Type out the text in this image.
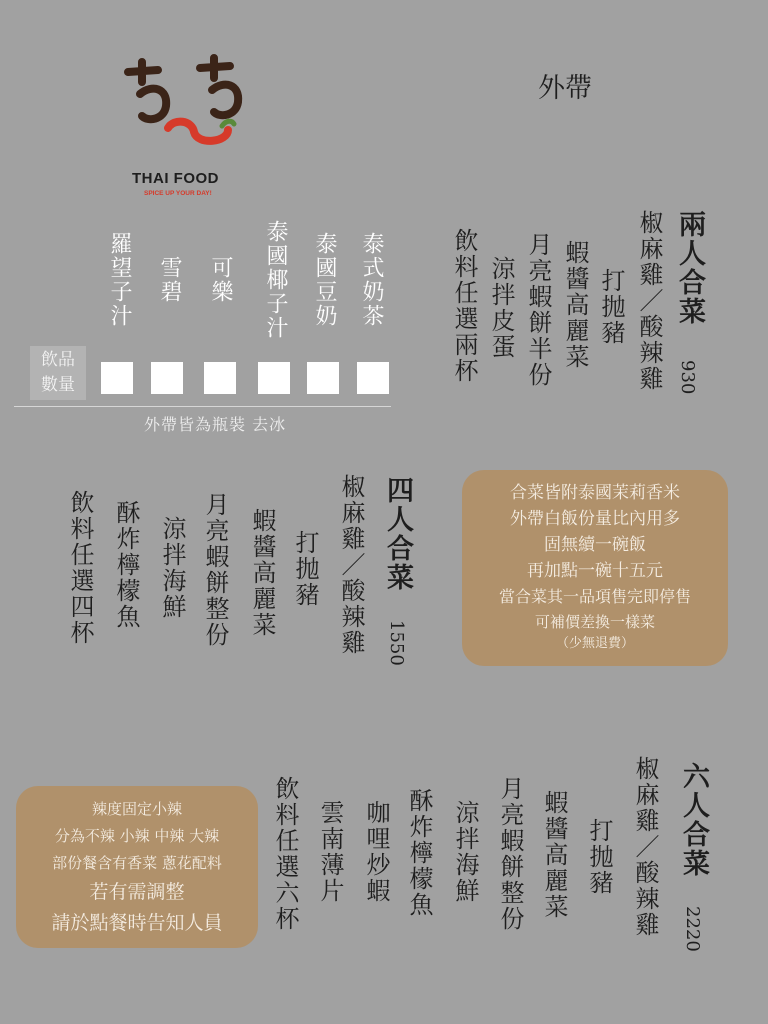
THAI FOOD
SPICE UP YOUR DAY!
外帶
泰式奶茶
泰國豆奶
泰國椰子汁
可樂
雪碧
羅望子汁
飲品
數量
外帶皆為瓶裝 去冰
兩人合菜
930
椒麻雞／酸辣雞
打抛豬
蝦醬高麗菜
月亮蝦餅半份
涼拌皮蛋
飲料任選兩杯
四人合菜
1550
椒麻雞／酸辣雞
打抛豬
蝦醬高麗菜
月亮蝦餅整份
涼拌海鮮
酥炸檸檬魚
飲料任選四杯	合菜皆附泰國茉莉香米
外帶白飯份量比內用多
固無續一碗飯
再加點一碗十五元
當合菜其一品項售完即停售
可補價差換一樣菜
（少無退費）
六人合菜
2220
椒麻雞／酸辣雞
打抛豬
蝦醬高麗菜
月亮蝦餅整份
涼拌海鮮
酥炸檸檬魚
咖哩炒蝦
雲南薄片
飲料任選六杯
辣度固定小辣
分為不辣 小辣 中辣 大辣
部份餐含有香菜 蔥花配料
若有需調整
請於點餐時告知人員
